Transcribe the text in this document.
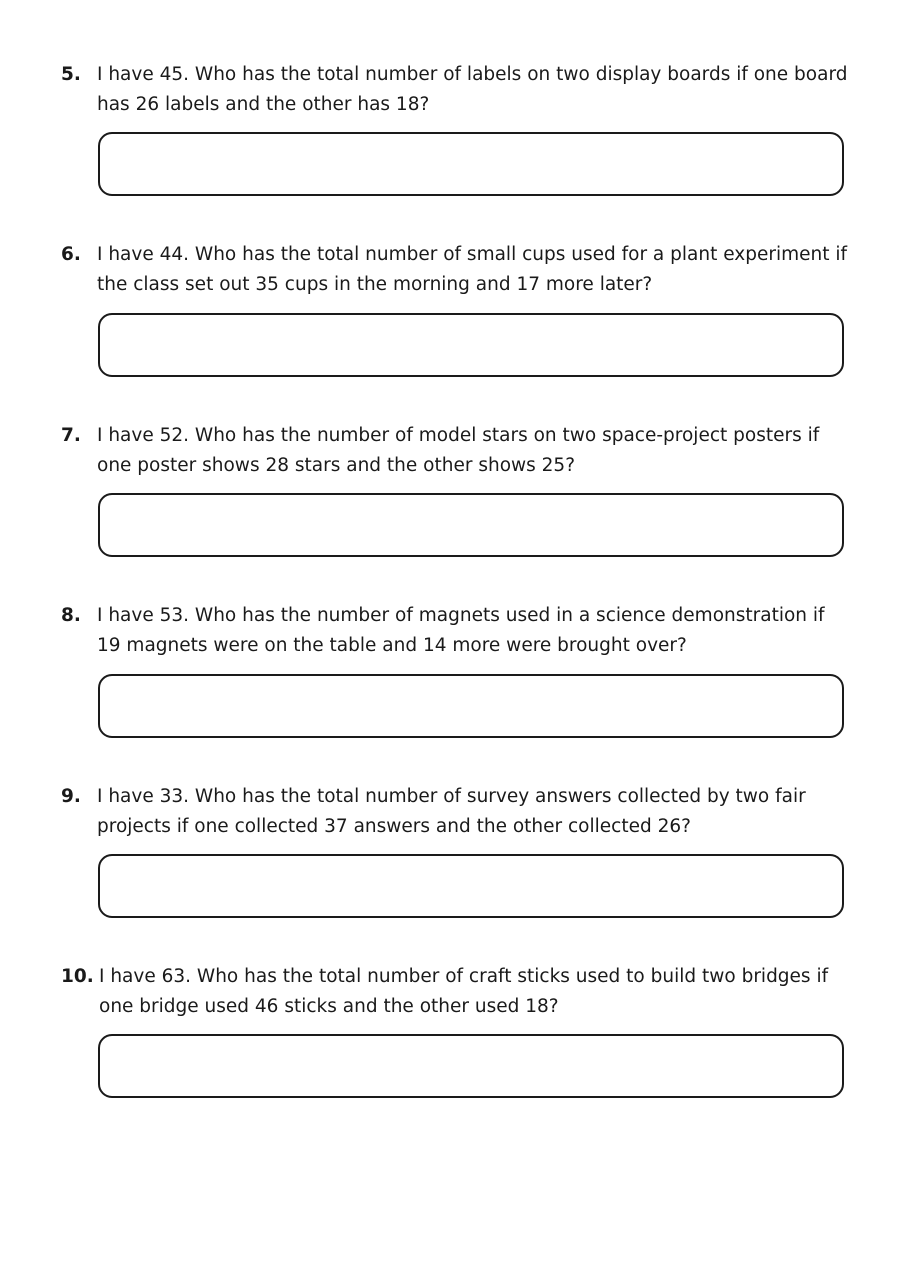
5. I have 45. Who has the total number of labels on two display boards if one board has 26 labels and the other has 18?
6. I have 44. Who has the total number of small cups used for a plant experiment if the class set out 35 cups in the morning and 17 more later?
7. I have 52. Who has the number of model stars on two space-project posters if one poster shows 28 stars and the other shows 25?
8. I have 53. Who has the number of magnets used in a science demonstration if 19 magnets were on the table and 14 more were brought over?
9. I have 33. Who has the total number of survey answers collected by two fair projects if one collected 37 answers and the other collected 26?
10. I have 63. Who has the total number of craft sticks used to build two bridges if one bridge used 46 sticks and the other used 18?
